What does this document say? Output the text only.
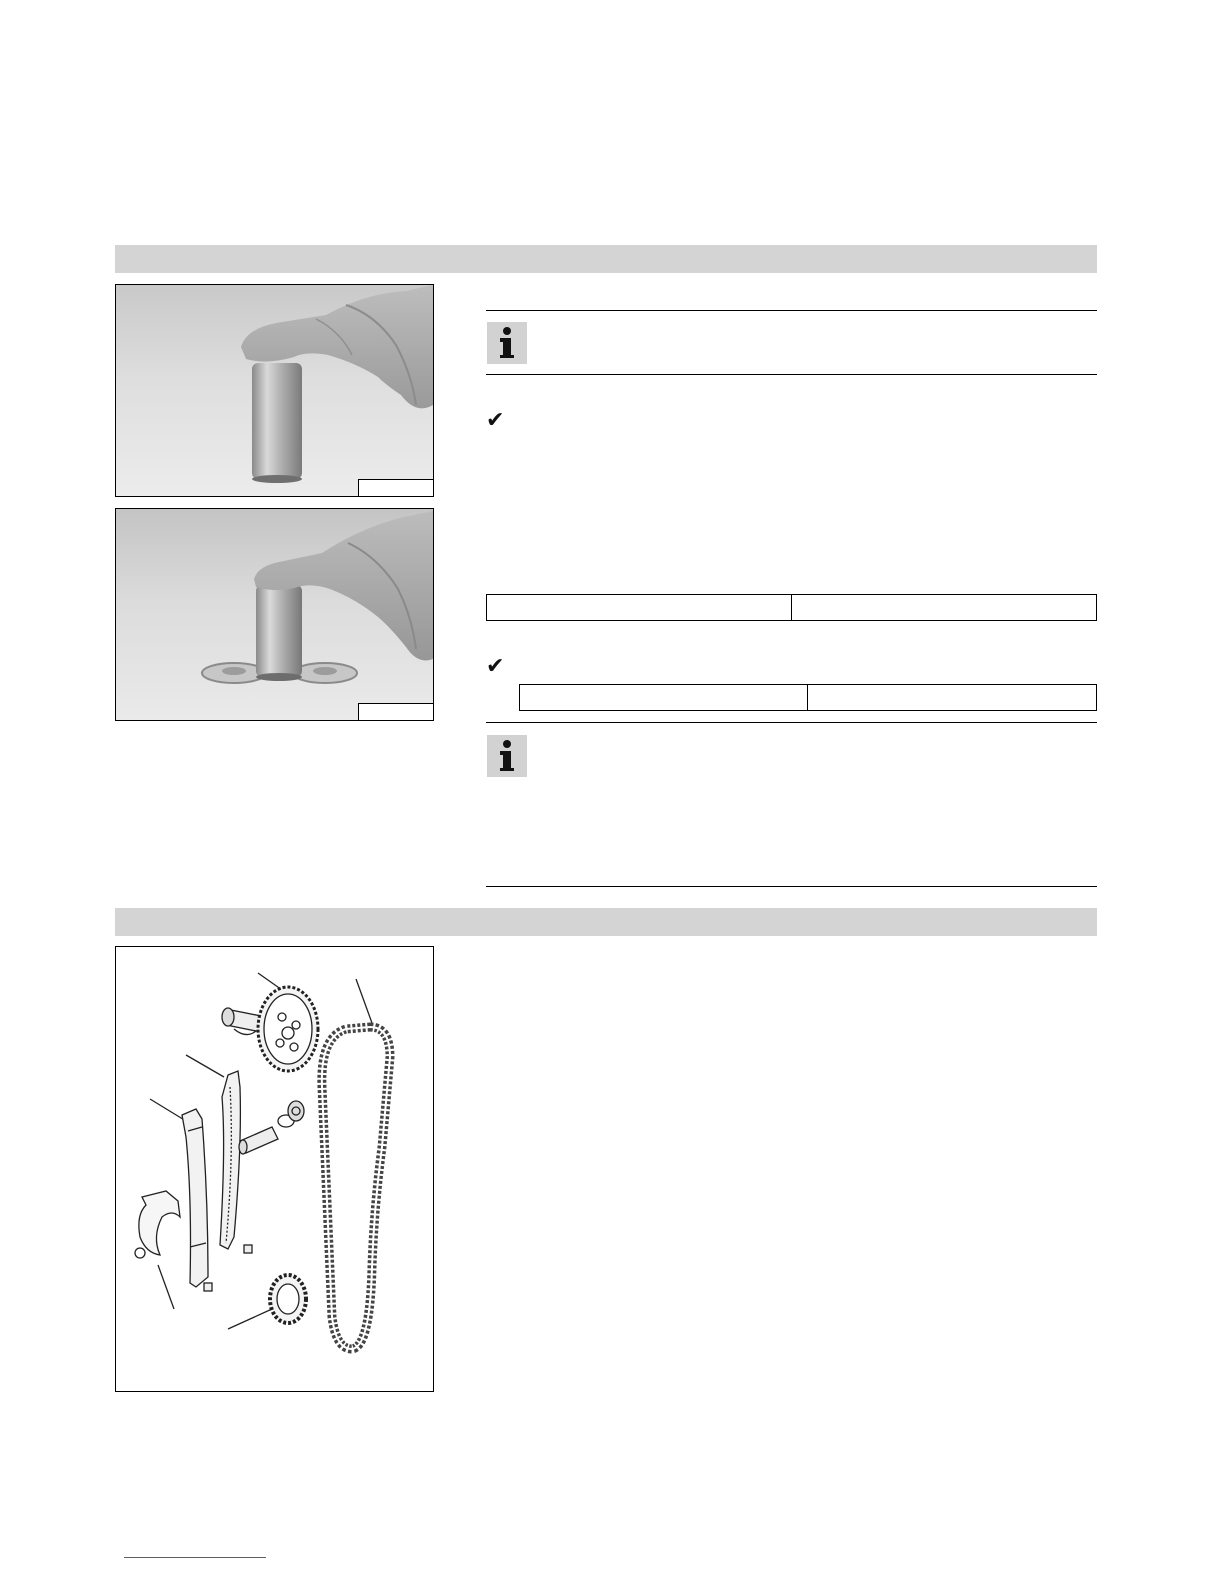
✔

✔
